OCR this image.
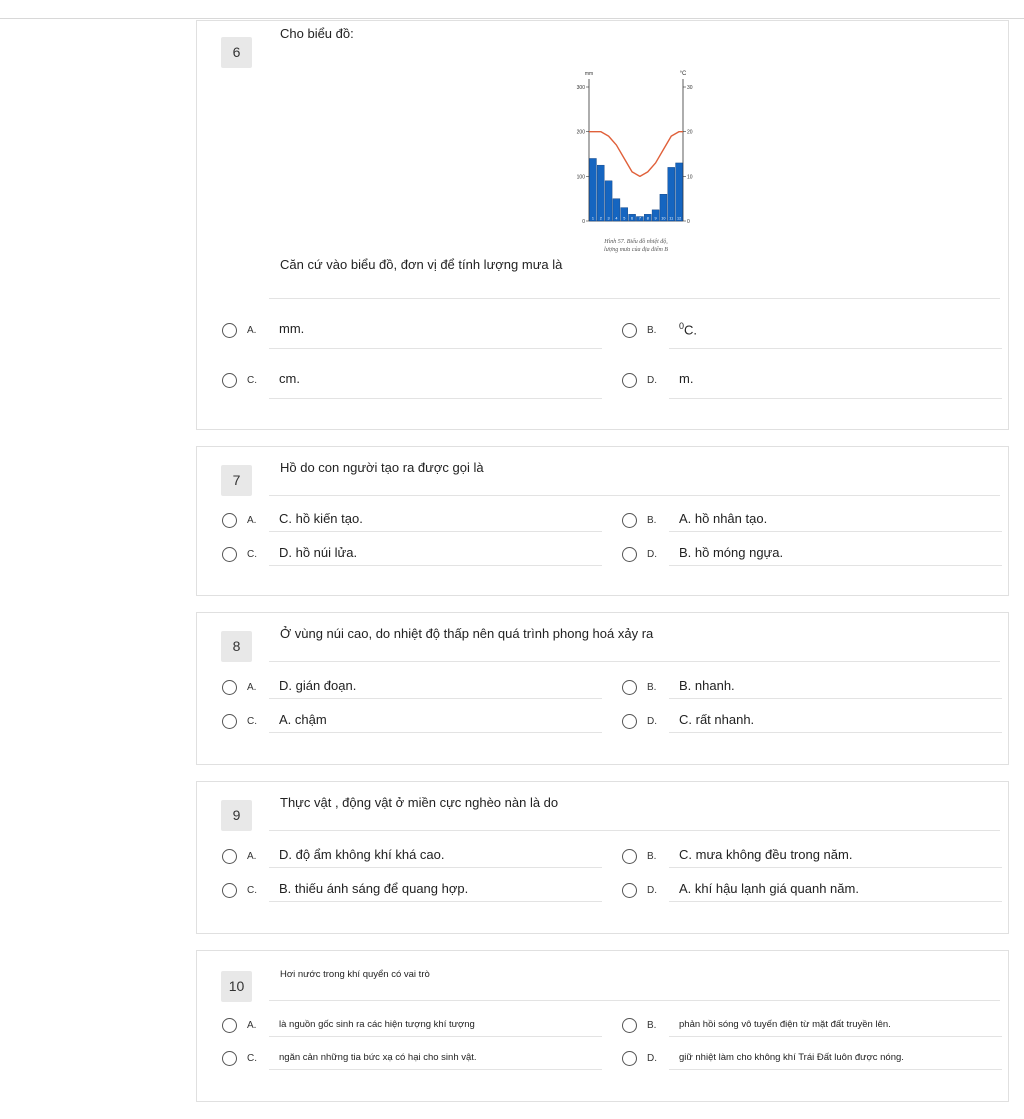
6
Cho biểu đồ:
mm	°C
0
100
200
300
0
10
20
30
1 2 3 4 5 6 7 8 9 10 11 12
Hình 57. Biểu đồ nhiệt độ,
lượng mưa của địa điểm B
Căn cứ vào biểu đồ, đơn vị để tính lượng mưa là
A. mm.	B.	$^0$C.
C. cm.	D. m.
7
Hồ do con người tạo ra được gọi là
A. C. hồ kiến tạo.	B. A. hồ nhân tạo.
C. D. hồ núi lửa.	D. B. hồ móng ngựa.
8
Ở vùng núi cao, do nhiệt độ thấp nên quá trình phong hoá xảy ra
A. D. gián đoạn.	B. B. nhanh.
C. A. chậm	D. C. rất nhanh.
9
Thực vật , động vật ở miền cực nghèo nàn là do
A. D. độ ẩm không khí khá cao.	B. C. mưa không đều trong năm.
C. B. thiếu ánh sáng để quang hợp.	D. A. khí hậu lạnh giá quanh năm.
10
Hơi nước trong khí quyển có vai trò
A. là nguồn gốc sinh ra các hiện tượng khí tượng	B. phản hồi sóng vô tuyến điện từ mặt đất truyền lên.
C. ngăn cản những tia bức xạ có hại cho sinh vật.	D. giữ nhiệt làm cho không khí Trái Đất luôn được nóng.
